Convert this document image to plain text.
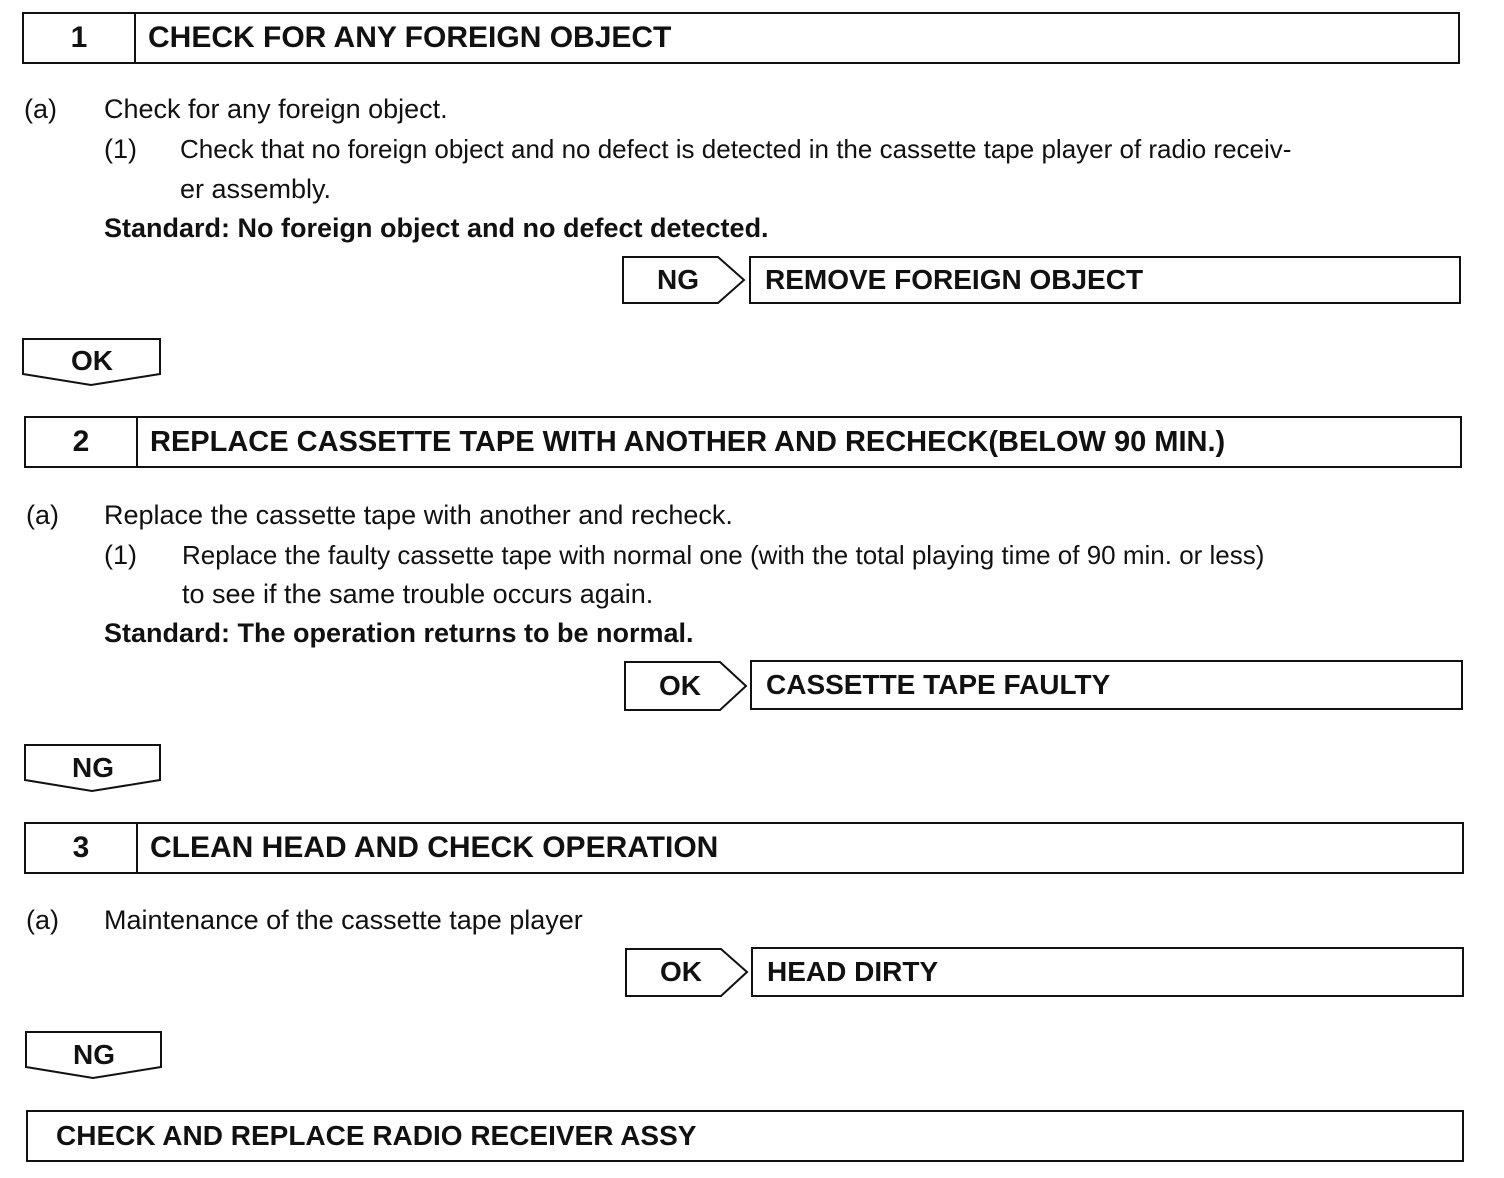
1	CHECK FOR ANY FOREIGN OBJECT
(a) Check for any foreign object.
(1) Check that no foreign object and no defect is detected in the cassette tape player of radio receiv-
er assembly.
Standard: No foreign object and no defect detected.
NG	REMOVE FOREIGN OBJECT
OK
2	REPLACE CASSETTE TAPE WITH ANOTHER AND RECHECK(BELOW 90 MIN.)
(a) Replace the cassette tape with another and recheck.
(1) Replace the faulty cassette tape with normal one (with the total playing time of 90 min. or less)
to see if the same trouble occurs again.
Standard: The operation returns to be normal.
OK	CASSETTE TAPE FAULTY
NG
3	CLEAN HEAD AND CHECK OPERATION
(a) Maintenance of the cassette tape player
OK	HEAD DIRTY
NG
CHECK AND REPLACE RADIO RECEIVER ASSY
